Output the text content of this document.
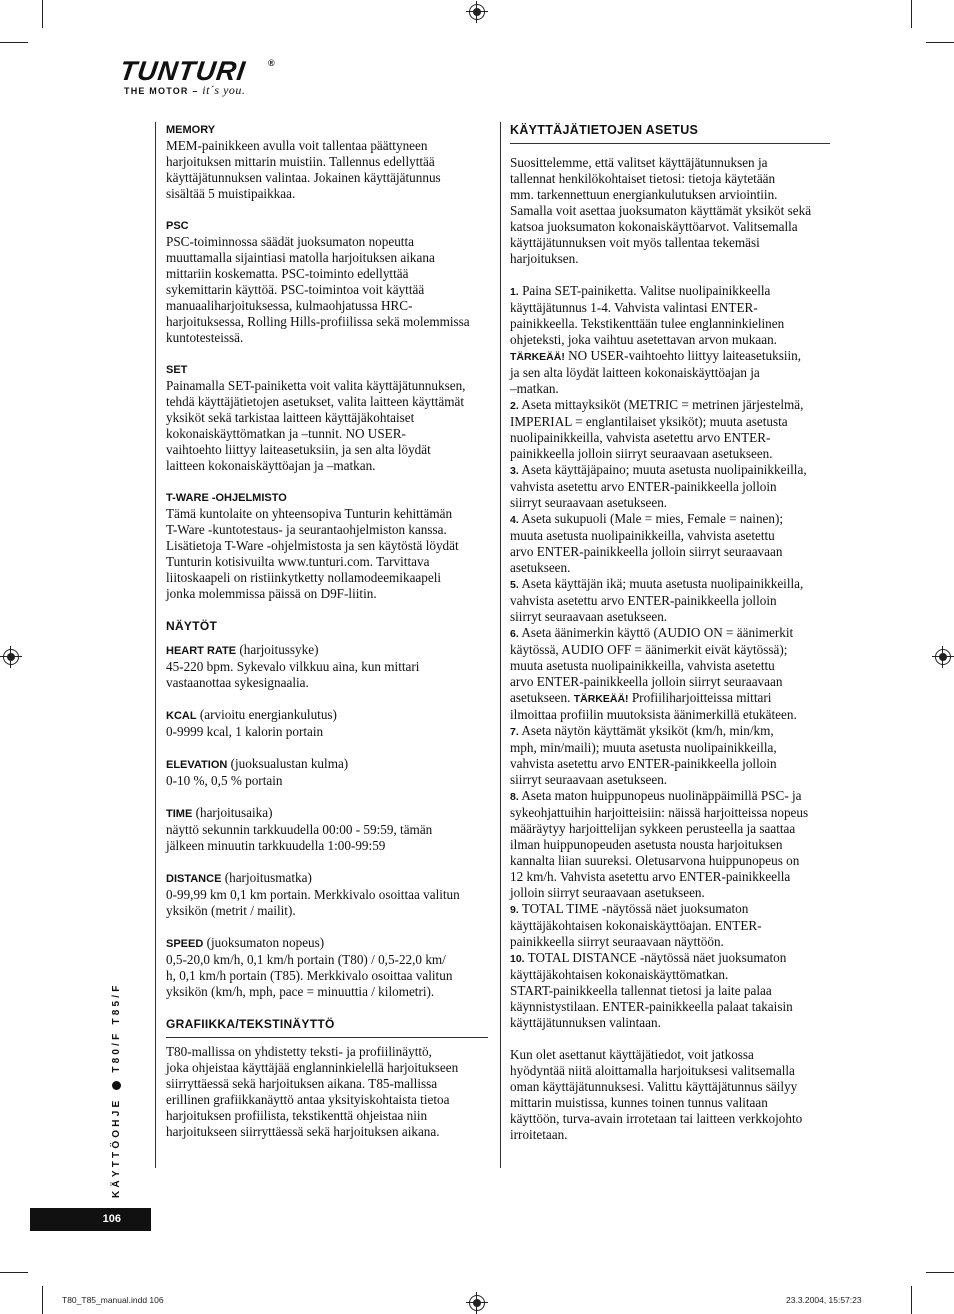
TUNTURI ®
THE MOTOR – it´s you.
MEMORY
MEM-painikkeen avulla voit tallentaa päättyneen
harjoituksen mittarin muistiin. Tallennus edellyttää
käyttäjätunnuksen valintaa. Jokainen käyttäjätunnus
sisältää 5 muistipaikkaa.
PSC
PSC-toiminnossa säädät juoksumaton nopeutta
muuttamalla sijaintiasi matolla harjoituksen aikana
mittariin koskematta. PSC-toiminto edellyttää
sykemittarin käyttöä. PSC-toimintoa voit käyttää
manuaaliharjoituksessa, kulmaohjatussa HRC-
harjoituksessa, Rolling Hills-profiilissa sekä molemmissa
kuntotesteissä.
SET
Painamalla SET-painiketta voit valita käyttäjätunnuksen,
tehdä käyttäjätietojen asetukset, valita laitteen käyttämät
yksiköt sekä tarkistaa laitteen käyttäjäkohtaiset
kokonaiskäyttömatkan ja –tunnit. NO USER-
vaihtoehto liittyy laiteasetuksiin, ja sen alta löydät
laitteen kokonaiskäyttöajan ja –matkan.
T-WARE -OHJELMISTO
Tämä kuntolaite on yhteensopiva Tunturin kehittämän
T-Ware -kuntotestaus- ja seurantaohjelmiston kanssa.
Lisätietoja T-Ware -ohjelmistosta ja sen käytöstä löydät
Tunturin kotisivuilta www.tunturi.com. Tarvittava
liitoskaapeli on ristiinkytketty nollamodeemikaapeli
jonka molemmissa päissä on D9F-liitin.
NÄYTÖT
HEART RATE (harjoitussyke)
45-220 bpm. Sykevalo vilkkuu aina, kun mittari
vastaanottaa sykesignaalia.
KCAL (arvioitu energiankulutus)
0-9999 kcal, 1 kalorin portain
ELEVATION (juoksualustan kulma)
0-10 %, 0,5 % portain
TIME (harjoitusaika)
näyttö sekunnin tarkkuudella 00:00 - 59:59, tämän
jälkeen minuutin tarkkuudella 1:00-99:59
DISTANCE (harjoitusmatka)
0-99,99 km 0,1 km portain. Merkkivalo osoittaa valitun
yksikön (metrit / mailit).
SPEED (juoksumaton nopeus)
0,5-20,0 km/h, 0,1 km/h portain (T80) / 0,5-22,0 km/
h, 0,1 km/h portain (T85). Merkkivalo osoittaa valitun
yksikön (km/h, mph, pace = minuuttia / kilometri).
GRAFIIKKA/TEKSTINÄYTTÖ
T80-mallissa on yhdistetty teksti- ja profiilinäyttö,
joka ohjeistaa käyttäjää englanninkielellä harjoitukseen
siirryttäessä sekä harjoituksen aikana. T85-mallissa
erillinen grafiikkanäyttö antaa yksityiskohtaista tietoa
harjoituksen profiilista, tekstikenttä ohjeistaa niin
harjoitukseen siirryttäessä sekä harjoituksen aikana.
KÄYTTÄJÄTIETOJEN ASETUS
Suosittelemme, että valitset käyttäjätunnuksen ja
tallennat henkilökohtaiset tietosi: tietoja käytetään
mm. tarkennettuun energiankulutuksen arviointiin.
Samalla voit asettaa juoksumaton käyttämät yksiköt sekä
katsoa juoksumaton kokonaiskäyttöarvot. Valitsemalla
käyttäjätunnuksen voit myös tallentaa tekemäsi
harjoituksen.
1. Paina SET-painiketta. Valitse nuolipainikkeella
käyttäjätunnus 1-4. Vahvista valintasi ENTER-
painikkeella. Tekstikenttään tulee englanninkielinen
ohjeteksti, joka vaihtuu asetettavan arvon mukaan.
TÄRKEÄÄ! NO USER-vaihtoehto liittyy laiteasetuksiin,
ja sen alta löydät laitteen kokonaiskäyttöajan ja
–matkan.
2. Aseta mittayksiköt (METRIC = metrinen järjestelmä,
IMPERIAL = englantilaiset yksiköt); muuta asetusta
nuolipainikkeilla, vahvista asetettu arvo ENTER-
painikkeella jolloin siirryt seuraavaan asetukseen.
3. Aseta käyttäjäpaino; muuta asetusta nuolipainikkeilla,
vahvista asetettu arvo ENTER-painikkeella jolloin
siirryt seuraavaan asetukseen.
4. Aseta sukupuoli (Male = mies, Female = nainen);
muuta asetusta nuolipainikkeilla, vahvista asetettu
arvo ENTER-painikkeella jolloin siirryt seuraavaan
asetukseen.
5. Aseta käyttäjän ikä; muuta asetusta nuolipainikkeilla,
vahvista asetettu arvo ENTER-painikkeella jolloin
siirryt seuraavaan asetukseen.
6. Aseta äänimerkin käyttö (AUDIO ON = äänimerkit
käytössä, AUDIO OFF = äänimerkit eivät käytössä);
muuta asetusta nuolipainikkeilla, vahvista asetettu
arvo ENTER-painikkeella jolloin siirryt seuraavaan
asetukseen. TÄRKEÄÄ! Profiiliharjoitteissa mittari
ilmoittaa profiilin muutoksista äänimerkillä etukäteen.
7. Aseta näytön käyttämät yksiköt (km/h, min/km,
mph, min/maili); muuta asetusta nuolipainikkeilla,
vahvista asetettu arvo ENTER-painikkeella jolloin
siirryt seuraavaan asetukseen.
8. Aseta maton huippunopeus nuolinäppäimillä PSC- ja
sykeohjattuihin harjoitteisiin: näissä harjoitteissa nopeus
määräytyy harjoittelijan sykkeen perusteella ja saattaa
ilman huippunopeuden asetusta nousta harjoituksen
kannalta liian suureksi. Oletusarvona huippunopeus on
12 km/h. Vahvista asetettu arvo ENTER-painikkeella
jolloin siirryt seuraavaan asetukseen.
9. TOTAL TIME -näytössä näet juoksumaton
käyttäjäkohtaisen kokonaiskäyttöajan. ENTER-
painikkeella siirryt seuraavaan näyttöön.
10. TOTAL DISTANCE -näytössä näet juoksumaton
käyttäjäkohtaisen kokonaiskäyttömatkan.
START-painikkeella tallennat tietosi ja laite palaa
käynnistystilaan. ENTER-painikkeella palaat takaisin
käyttäjätunnuksen valintaan.
Kun olet asettanut käyttäjätiedot, voit jatkossa
hyödyntää niitä aloittamalla harjoituksesi valitsemalla
oman käyttäjätunnuksesi. Valittu käyttäjätunnus säilyy
mittarin muistissa, kunnes toinen tunnus valitaan
käyttöön, turva-avain irrotetaan tai laitteen verkkojohto
irroitetaan.
KÄYTTÖOHJE
T80/F T85/F
106
T80_T85_manual.indd 106	23.3.2004, 15:57:23
